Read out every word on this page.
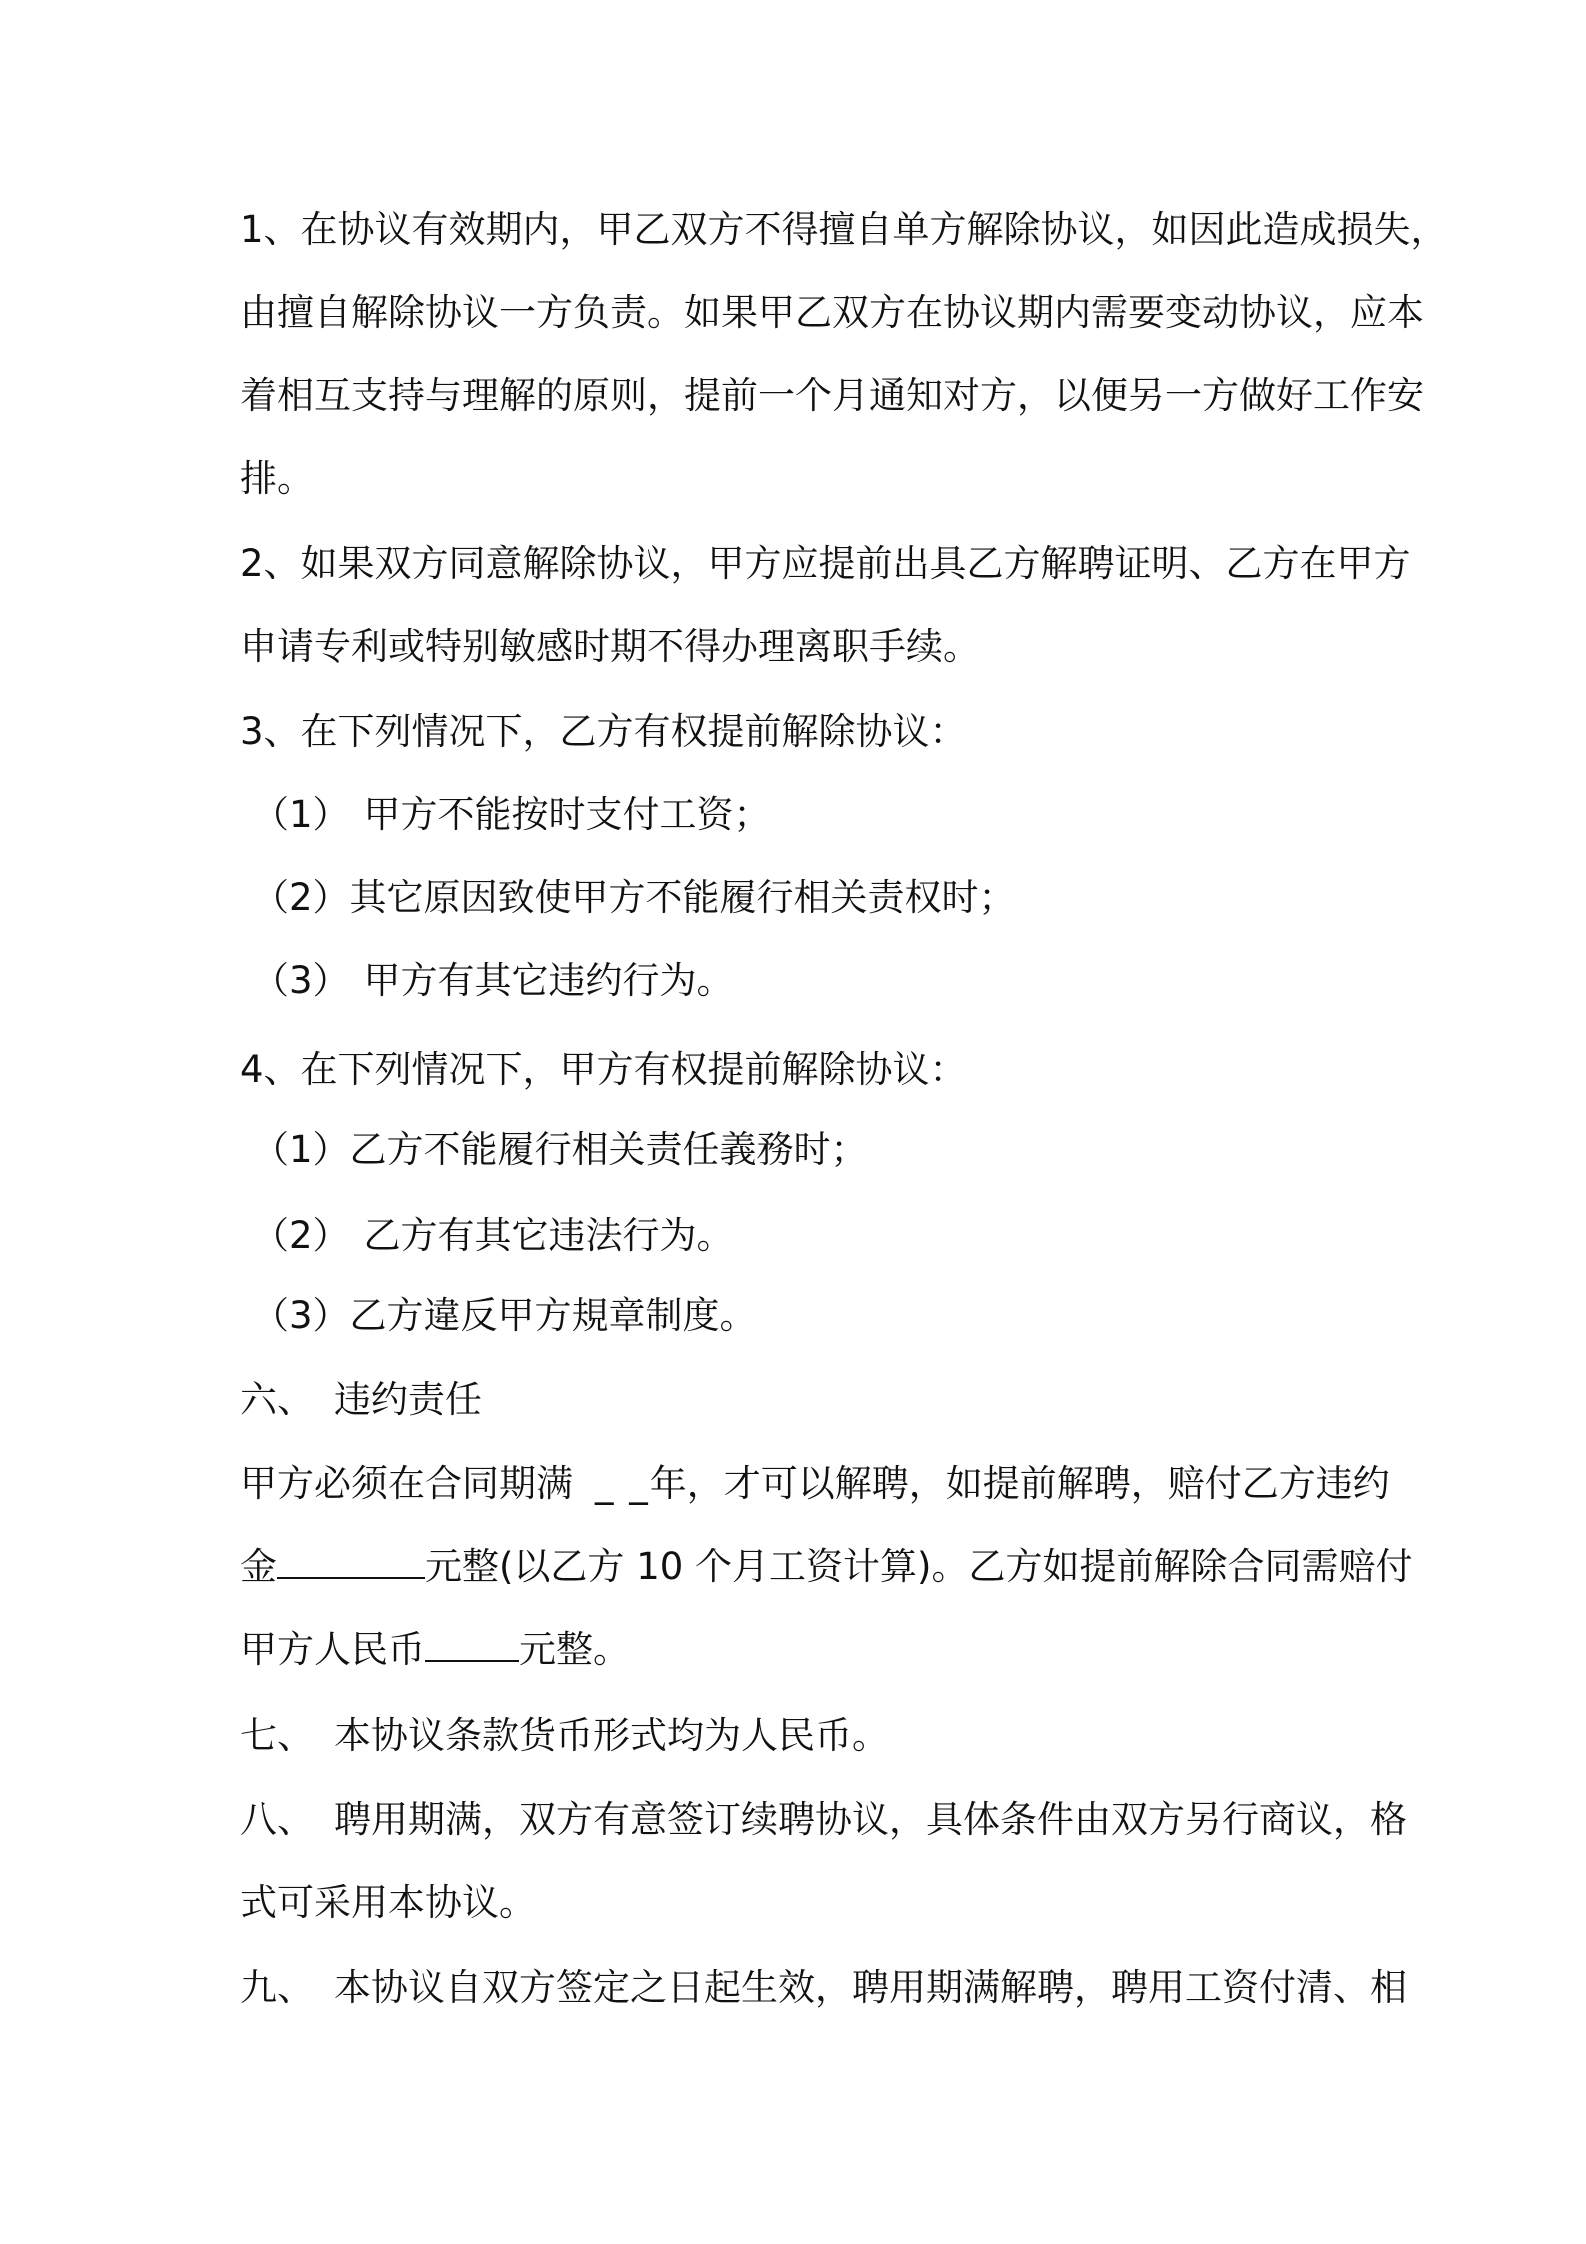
1、在协议有效期内，甲乙双方不得擅自单方解除协议，如因此造成损失，
由擅自解除协议一方负责。如果甲乙双方在协议期内需要变动协议，应本
着相互支持与理解的原则，提前一个月通知对方，以便另一方做好工作安
排。
2、如果双方同意解除协议，甲方应提前出具乙方解聘证明、乙方在甲方
申请专利或特别敏感时期不得办理离职手续。
3、在下列情况下，乙方有权提前解除协议：
（1） 甲方不能按时支付工资；
（2）其它原因致使甲方不能履行相关责权时；
（3） 甲方有其它违约行为。
4、在下列情况下，甲方有权提前解除协议：
（1）乙方不能履行相关责任義務时；
（2） 乙方有其它违法行为。
（3）乙方違反甲方規章制度。
六、 违约责任
甲方必须在合同期满 _ _年，才可以解聘，如提前解聘，赔付乙方违约
金	元整(以乙方 10 个月工资计算)。乙方如提前解除合同需赔付
甲方人民币	元整。
七、 本协议条款货币形式均为人民币。
八、 聘用期满，双方有意签订续聘协议，具体条件由双方另行商议，格
式可采用本协议。
九、 本协议自双方签定之日起生效，聘用期满解聘，聘用工资付清、相
